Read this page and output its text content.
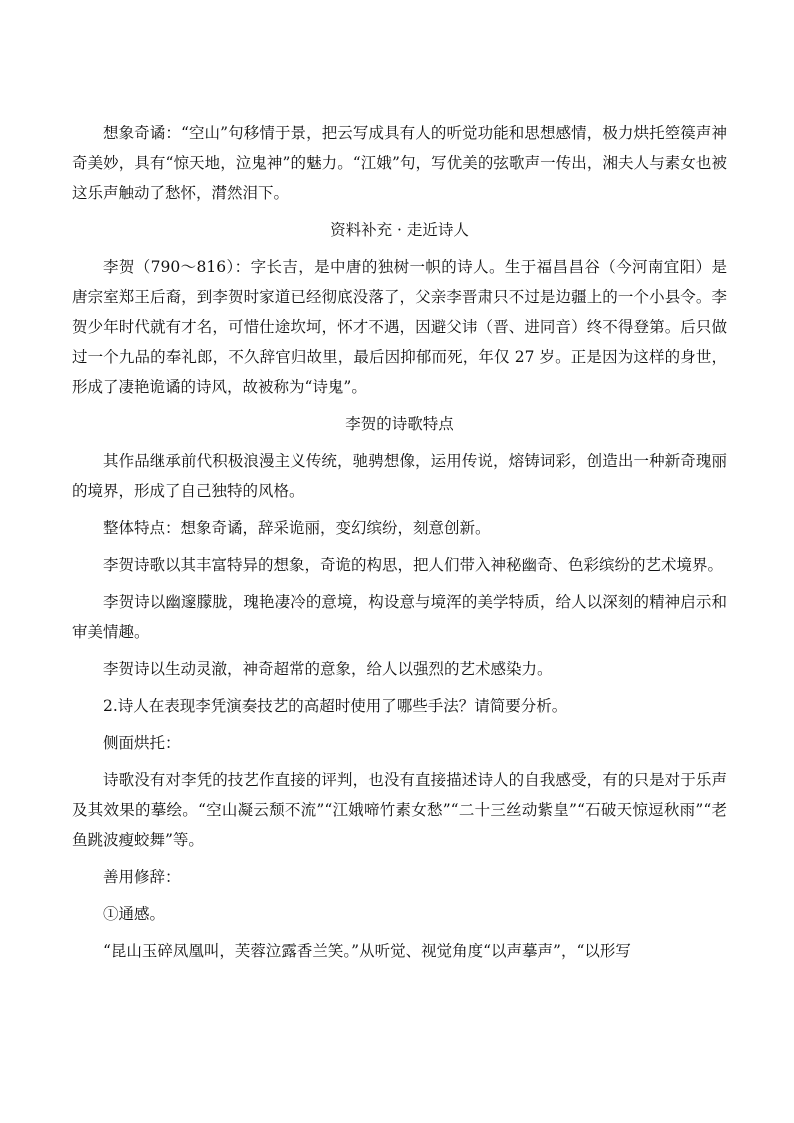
想象奇谲：“空山”句移情于景，把云写成具有人的听觉功能和思想感情，极力烘托箜篌声神奇美妙，具有“惊天地，泣鬼神”的魅力。“江娥”句，写优美的弦歌声一传出，湘夫人与素女也被这乐声触动了愁怀，潸然泪下。

资料补充 · 走近诗人

李贺（790～816）：字长吉，是中唐的独树一帜的诗人。生于福昌昌谷（今河南宜阳）是唐宗室郑王后裔，到李贺时家道已经彻底没落了，父亲李晋肃只不过是边疆上的一个小县令。李贺少年时代就有才名，可惜仕途坎坷，怀才不遇，因避父讳（晋、进同音）终不得登第。后只做过一个九品的奉礼郎，不久辞官归故里，最后因抑郁而死，年仅 27 岁。正是因为这样的身世，形成了凄艳诡谲的诗风，故被称为“诗鬼”。

李贺的诗歌特点

其作品继承前代积极浪漫主义传统，驰骋想像，运用传说，熔铸词彩，创造出一种新奇瑰丽的境界，形成了自己独特的风格。

整体特点：想象奇谲，辞采诡丽，变幻缤纷，刻意创新。

李贺诗歌以其丰富特异的想象，奇诡的构思，把人们带入神秘幽奇、色彩缤纷的艺术境界。

李贺诗以幽邃朦胧，瑰艳凄冷的意境，构设意与境浑的美学特质，给人以深刻的精神启示和审美情趣。

李贺诗以生动灵澈，神奇超常的意象，给人以强烈的艺术感染力。

2.诗人在表现李凭演奏技艺的高超时使用了哪些手法？请简要分析。

侧面烘托：

诗歌没有对李凭的技艺作直接的评判，也没有直接描述诗人的自我感受，有的只是对于乐声及其效果的摹绘。“空山凝云颓不流”“江娥啼竹素女愁”“二十三丝动紫皇”“石破天惊逗秋雨”“老鱼跳波瘦蛟舞”等。

善用修辞：

①通感。

“昆山玉碎凤凰叫，芙蓉泣露香兰笑。”从听觉、视觉角度“以声摹声”，“以形写
